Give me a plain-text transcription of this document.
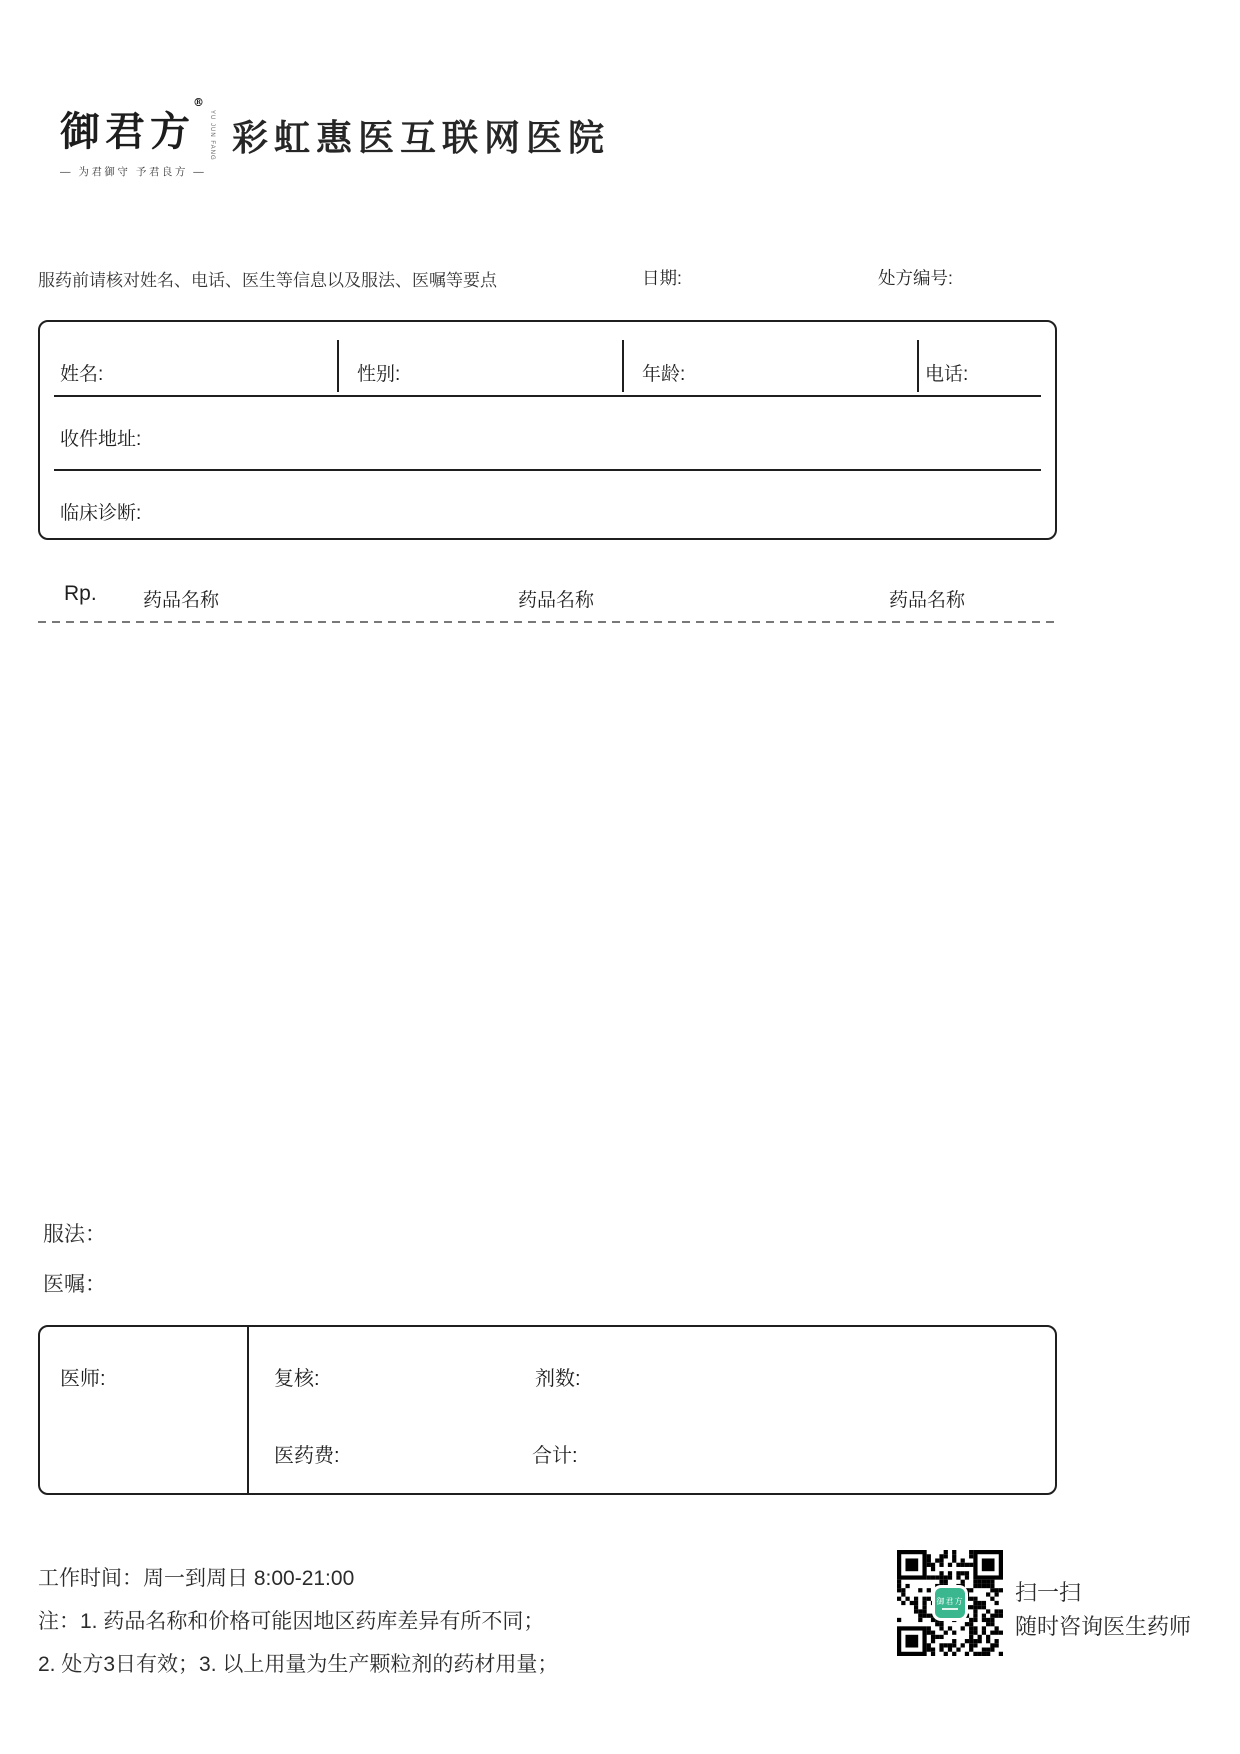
御君方®
YU JUN FANG
— 为君御守 予君良方 —
彩虹惠医互联网医院
服药前请核对姓名、电话、医生等信息以及服法、医嘱等要点	日期:	处方编号:
姓名:	性别:	年龄:	电话:
收件地址:
临床诊断:
Rp. 药品名称	药品名称	药品名称
服法：
医嘱：
医师:	复核:	剂数:
医药费:	合计:
工作时间：周一到周日 8:00-21:00
注：1. 药品名称和价格可能因地区药库差异有所不同；
2. 处方3日有效；3. 以上用量为生产颗粒剂的药材用量；
御君方 扫一扫
随时咨询医生药师
